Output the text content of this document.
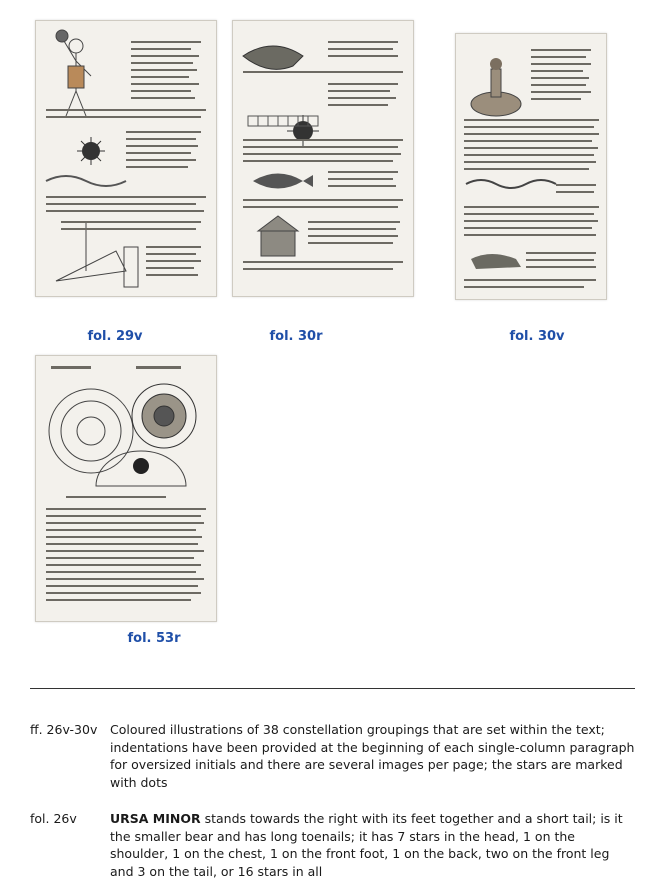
fol. 29v	fol. 30r	fol. 30v
fol. 53r
ff. 26v-30v	Coloured illustrations of 38 constellation groupings that are set within the text; indentations have been provided at the beginning of each single-column paragraph for oversized initials and there are several images per page; the stars are marked with dots
fol. 26v	URSA MINOR stands towards the right with its feet together and a short tail; is it the smaller bear and has long toenails; it has 7 stars in the head, 1 on the shoulder, 1 on the chest, 1 on the front foot, 1 on the back, two on the front leg and 3 on the tail, or 16 stars in all
